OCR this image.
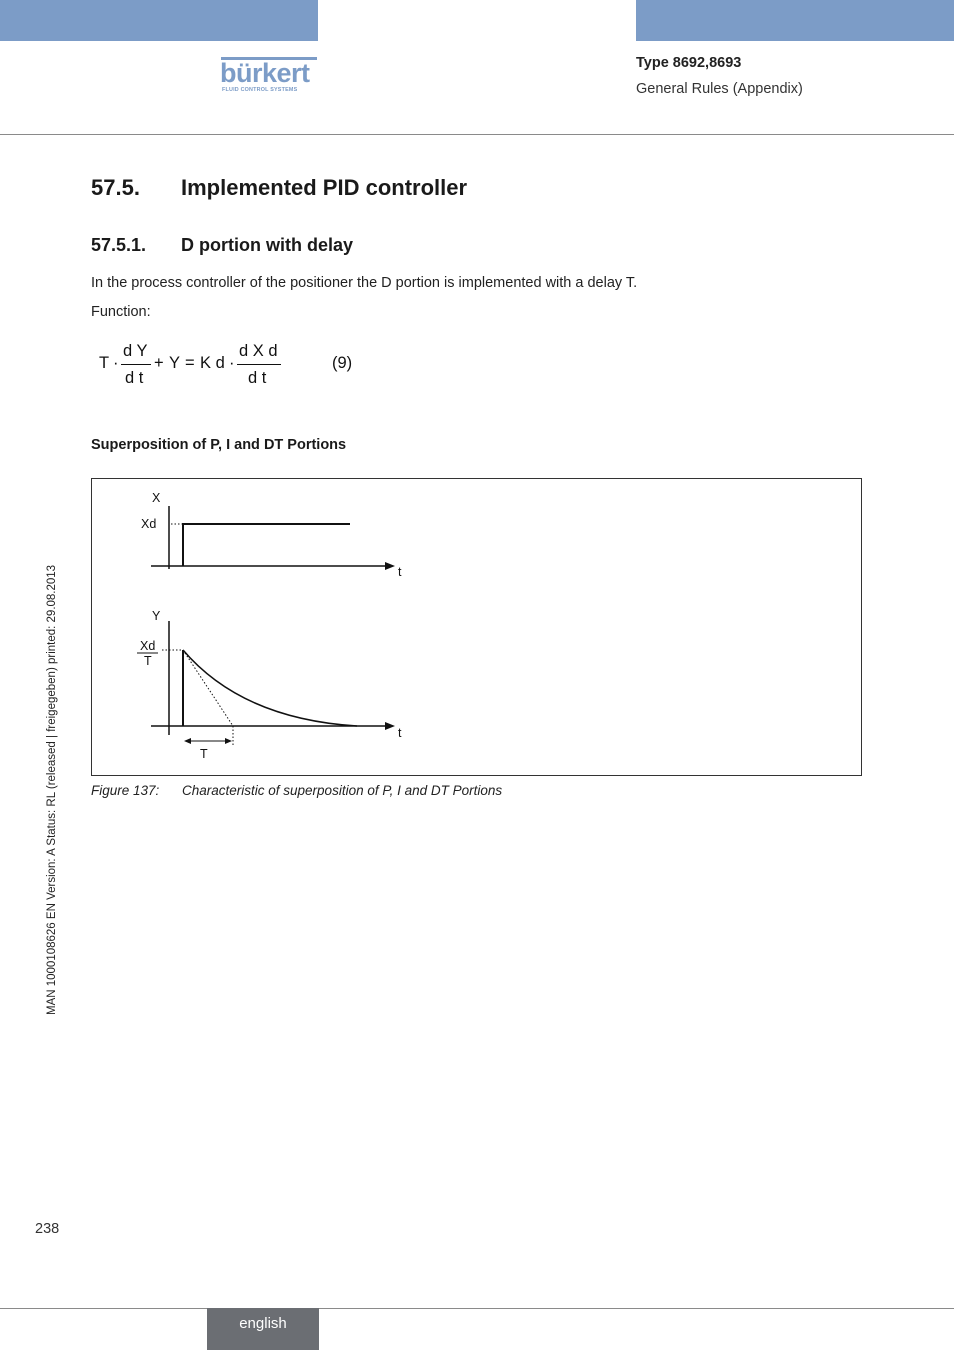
bürkert
FLUID CONTROL SYSTEMS
Type 8692,8693
General Rules (Appendix)
57.5. Implemented PID controller
57.5.1. D portion with delay
In the process controller of the positioner the D portion is implemented with a delay T.
Function:
T ·
d Y
d t
+ Y = K d ·
d X d
d t
(9)
Superposition of P, I and DT Portions
X
Xd
t
Y
Xd
T
t
T
Figure 137: Characteristic of superposition of P, I and DT Portions
MAN 1000108626 EN Version: A Status: RL (released | freigegeben) printed: 29.08.2013
238
english
